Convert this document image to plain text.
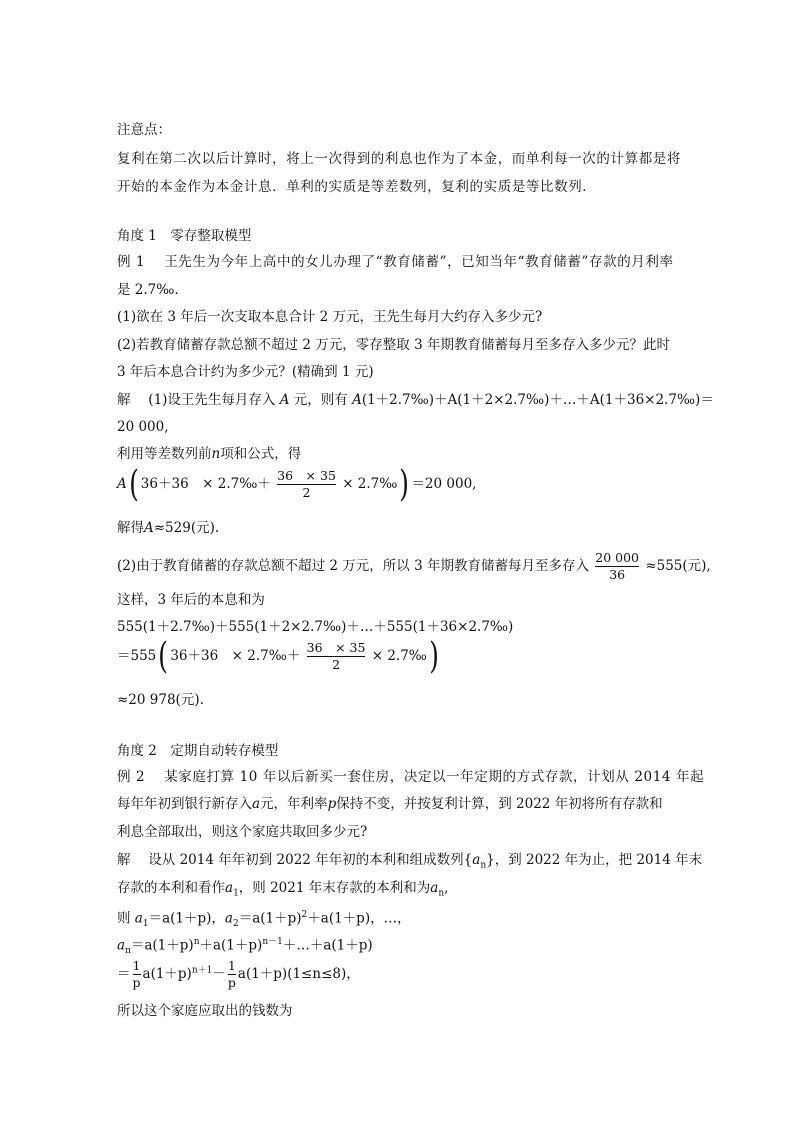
注意点：
复利在第二次以后计算时，将上一次得到的利息也作为了本金，而单利每一次的计算都是将
开始的本金作为本金计息．单利的实质是等差数列，复利的实质是等比数列．
角度 1　零存整取模型
例 1　 王先生为今年上高中的女儿办理了“教育储蓄”，已知当年“教育储蓄”存款的月利率
是 2.7‰.
(1)欲在 3 年后一次支取本息合计 2 万元，王先生每月大约存入多少元?
(2)若教育储蓄存款总额不超过 2 万元，零存整取 3 年期教育储蓄每月至多存入多少元？此时
3 年后本息合计约为多少元？(精确到 1 元)
解　 (1)设王先生每月存入 A 元，则有 A(1＋2.7‰)＋A(1＋2×2.7‰)＋…＋A(1＋36×2.7‰)＝
20 000,
利用等差数列前n项和公式，得
A( 36＋36　× 2.7‰＋ $\frac{36 \times 35}{2}$ × 2.7‰) ＝20 000,
解得A≈529(元).
(2)由于教育储蓄的存款总额不超过 2 万元，所以 3 年期教育储蓄每月至多存入 $\frac{20 000}{36} \approx 555$(元),
这样，3 年后的本息和为
555(1＋2.7‰)＋555(1＋2×2.7‰)＋…＋555(1＋36×2.7‰)
＝555( 36＋36　× 2.7‰＋ $\frac{36 \times 35}{2}$ × 2.7‰)
≈20 978(元).
角度 2　定期自动转存模型
例 2　 某家庭打算 10 年以后新买一套住房，决定以一年定期的方式存款，计划从 2014 年起
每年年初到银行新存入a元，年利率p保持不变，并按复利计算，到 2022 年初将所有存款和
利息全部取出，则这个家庭共取回多少元?
解　 设从 2014 年年初到 2022 年年初的本利和组成数列$\{a_n\}$，到 2022 年为止，把 2014 年末
存款的本利和看作$a_1$，则 2021 年末存款的本利和为$a_n$,
则 $a_1=a(1+p)$，$a_2=a(1+p)^2+a(1+p)$，…，
$a_n=a(1+p)^n+a(1+p)^{n-1}+\dots+a(1+p)$
＝ $\frac{1}{p} a(1+p)^{n+1}- \frac{1}{p} a(1+p)(1\le n\le 8)$，
所以这个家庭应取出的钱数为
